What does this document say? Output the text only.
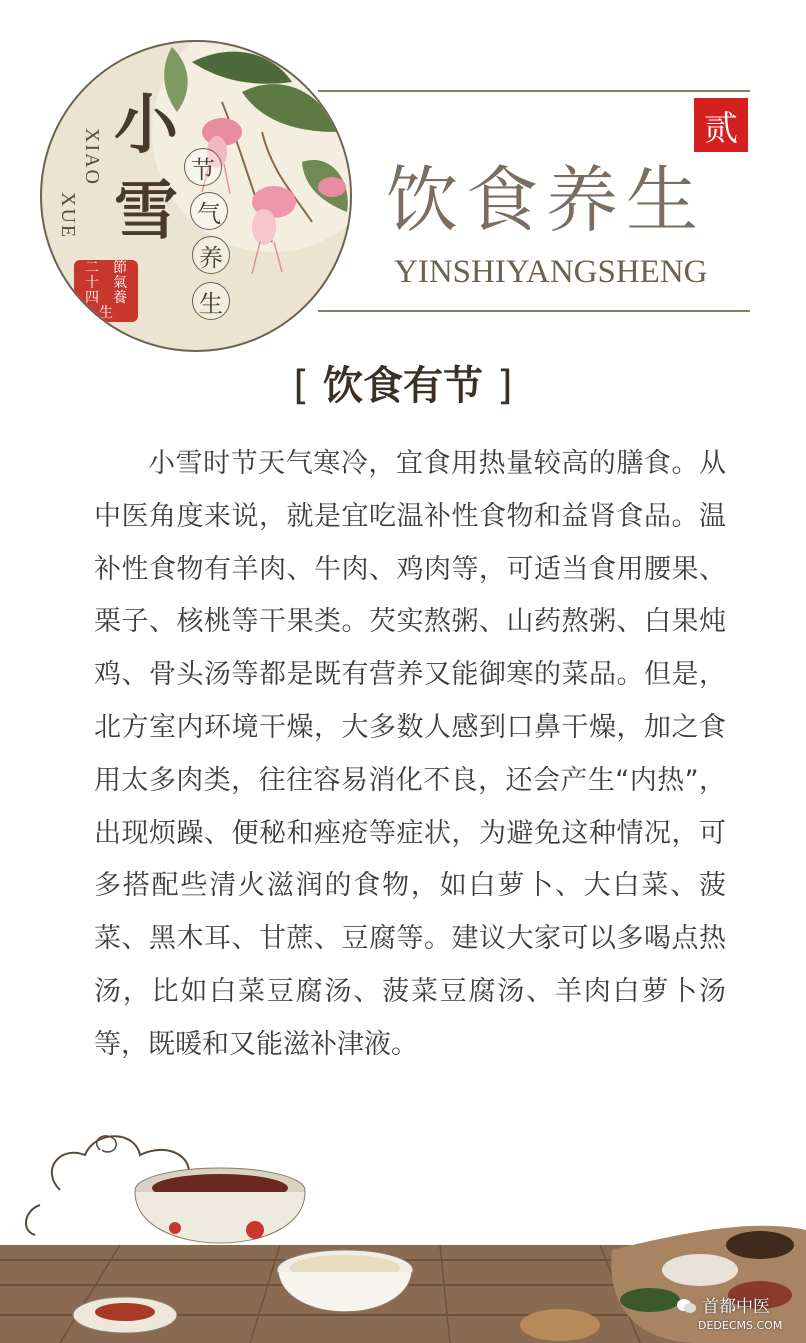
小
雪
XIAO
XUE
二	節
十	氣
四	養
生
节
气
养
生
贰
饮食养生
YINSHIYANGSHENG
[ 饮食有节 ]

小雪时节天气寒冷，宜食用热量较高的膳食。从中医角度来说，就是宜吃温补性食物和益肾食品。温补性食物有羊肉、牛肉、鸡肉等，可适当食用腰果、栗子、核桃等干果类。芡实熬粥、山药熬粥、白果炖鸡、骨头汤等都是既有营养又能御寒的菜品。但是，北方室内环境干燥，大多数人感到口鼻干燥，加之食用太多肉类，往往容易消化不良，还会产生“内热”，出现烦躁、便秘和痤疮等症状，为避免这种情况，可多搭配些清火滋润的食物，如白萝卜、大白菜、菠菜、黑木耳、甘蔗、豆腐等。建议大家可以多喝点热汤，比如白菜豆腐汤、菠菜豆腐汤、羊肉白萝卜汤等，既暖和又能滋补津液。

首都中医
DEDECMS.COM
